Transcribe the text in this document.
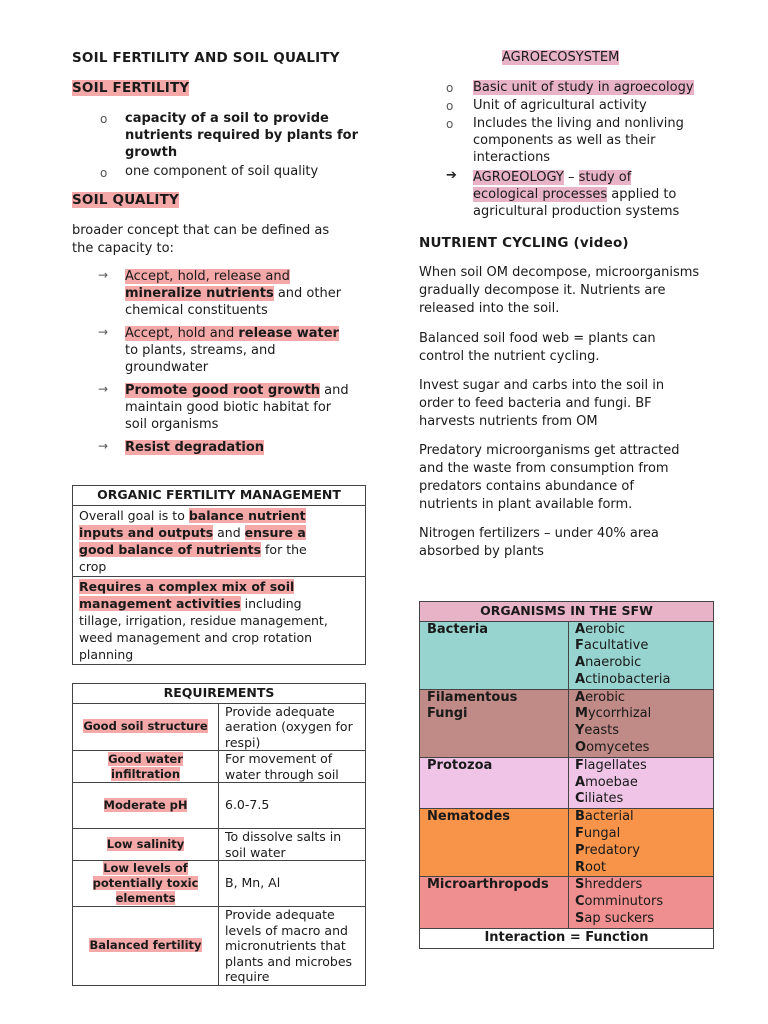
SOIL FERTILITY AND SOIL QUALITY
SOIL FERTILITY
o capacity of a soil to provide
nutrients required by plants for
growth
o one component of soil quality
SOIL QUALITY
broader concept that can be defined as
the capacity to:
→ Accept, hold, release and
mineralize nutrients and other
chemical constituents
→ Accept, hold and release water
to plants, streams, and
groundwater
→ Promote good root growth and
maintain good biotic habitat for
soil organisms
→ Resist degradation
ORGANIC FERTILITY MANAGEMENT
Overall goal is to balance nutrient
inputs and outputs and ensure a
good balance of nutrients for the
crop
Requires a complex mix of soil
management activities including
tillage, irrigation, residue management,
weed management and crop rotation
planning
REQUIREMENTS	
Good soil structure	Provide adequate aeration (oxygen for respi)
Good water infiltration	For movement of water through soil
Moderate pH	6.0-7.5
Low salinity	To dissolve salts in soil water
Low levels of potentially toxic elements	B, Mn, Al
Balanced fertility	Provide adequate levels of macro and micronutrients that plants and microbes require
AGROECOSYSTEM
o Basic unit of study in agroecology
o Unit of agricultural activity
o Includes the living and nonliving
components as well as their
interactions
➔ AGROEOLOGY – study of
ecological processes applied to
agricultural production systems
NUTRIENT CYCLING (video)
When soil OM decompose, microorganisms
gradually decompose it. Nutrients are
released into the soil.
Balanced soil food web = plants can
control the nutrient cycling.
Invest sugar and carbs into the soil in
order to feed bacteria and fungi. BF
harvests nutrients from OM
Predatory microorganisms get attracted
and the waste from consumption from
predators contains abundance of
nutrients in plant available form.
Nitrogen fertilizers – under 40% area
absorbed by plants
ORGANISMS IN THE SFW	
Bacteria	Aerobic
Facultative
Anaerobic
Actinobacteria

Filamentous Fungi	Aerobic
Mycorrhizal
Yeasts
Oomycetes

Protozoa	Flagellates
Amoebae
Ciliates

Nematodes	Bacterial
Fungal
Predatory
Root

Microarthropods	Shredders
Comminutors
Sap suckers

Interaction = Function	
